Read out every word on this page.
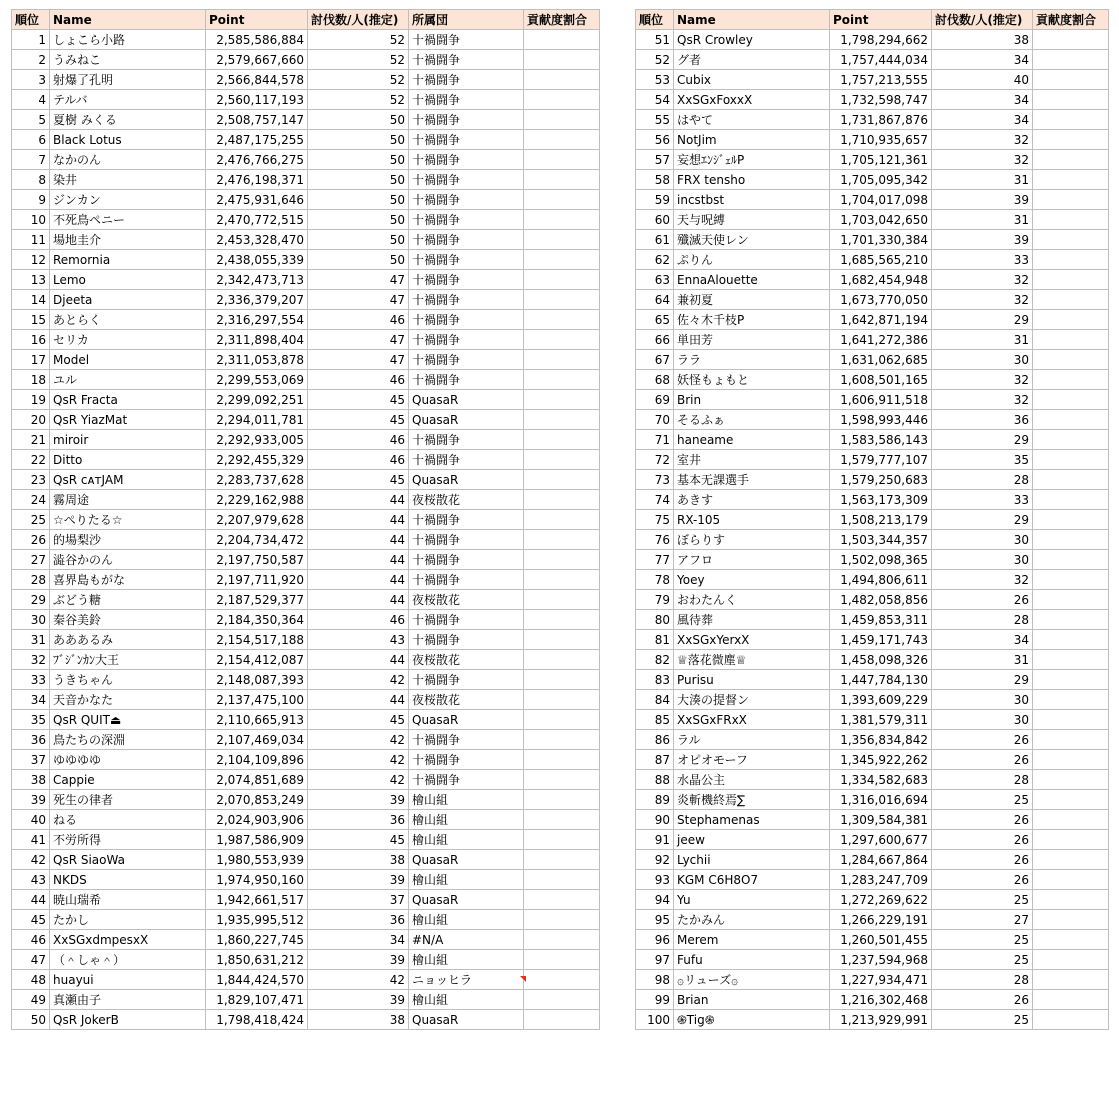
順位	Name	Point	討伐数/人(推定)	所属団	貢献度割合
1	しょこら小路	2,585,586,884	52	十禍闘争	
2	うみねこ	2,579,667,660	52	十禍闘争	
3	射爆了孔明	2,566,844,578	52	十禍闘争	
4	テルバ	2,560,117,193	52	十禍闘争	
5	夏樹 みくる	2,508,757,147	50	十禍闘争	
6	Black Lotus	2,487,175,255	50	十禍闘争	
7	なかのん	2,476,766,275	50	十禍闘争	
8	染井	2,476,198,371	50	十禍闘争	
9	ジンカン	2,475,931,646	50	十禍闘争	
10	不死鳥ペニー	2,470,772,515	50	十禍闘争	
11	場地圭介	2,453,328,470	50	十禍闘争	
12	Remornia	2,438,055,339	50	十禍闘争	
13	Lemo	2,342,473,713	47	十禍闘争	
14	Djeeta	2,336,379,207	47	十禍闘争	
15	あとらく	2,316,297,554	46	十禍闘争	
16	セリカ	2,311,898,404	47	十禍闘争	
17	Model	2,311,053,878	47	十禍闘争	
18	ユル	2,299,553,069	46	十禍闘争	
19	QsR Fracta	2,299,092,251	45	QuasaR	
20	QsR YiazMat	2,294,011,781	45	QuasaR	
21	miroir	2,292,933,005	46	十禍闘争	
22	Ditto	2,292,455,329	46	十禍闘争	
23	QsR ᴄᴀᴛJAM	2,283,737,628	45	QuasaR	
24	霧周途	2,229,162,988	44	夜桜散花	
25	☆ぺりたる☆	2,207,979,628	44	十禍闘争	
26	的場梨沙	2,204,734,472	44	十禍闘争	
27	澁谷かのん	2,197,750,587	44	十禍闘争	
28	喜界島もがな	2,197,711,920	44	十禍闘争	
29	ぶどう糖	2,187,529,377	44	夜桜散花	
30	秦谷美鈴	2,184,350,364	46	十禍闘争	
31	あああるみ	2,154,517,188	43	十禍闘争	
32	ﾌﾞｼﾞﾝｶﾝ大王	2,154,412,087	44	夜桜散花	
33	うきちゃん	2,148,087,393	42	十禍闘争	
34	天音かなた	2,137,475,100	44	夜桜散花	
35	QsR QUIT⏏	2,110,665,913	45	QuasaR	
36	鳥たちの深淵	2,107,469,034	42	十禍闘争	
37	ゆゆゆゆ	2,104,109,896	42	十禍闘争	
38	Cappie	2,074,851,689	42	十禍闘争	
39	死生の律者	2,070,853,249	39	檜山組	
40	ねる	2,024,903,906	36	檜山組	
41	不労所得	1,987,586,909	45	檜山組	
42	QsR SiaoWa	1,980,553,939	38	QuasaR	
43	NKDS	1,974,950,160	39	檜山組	
44	暁山瑞希	1,942,661,517	37	QuasaR	
45	たかし	1,935,995,512	36	檜山組	
46	XxSGxdmpesxX	1,860,227,745	34	#N/A	
47	（＾しゃ＾）	1,850,631,212	39	檜山組	
48	huayui	1,844,424,570	42	ニョッヒラ	
49	真瀬由子	1,829,107,471	39	檜山組	
50	QsR JokerB	1,798,418,424	38	QuasaR	
順位	Name	Point	討伐数/人(推定)	貢献度割合
51	QsR Crowley	1,798,294,662	38	
52	グ者	1,757,444,034	34	
53	Cubix	1,757,213,555	40	
54	XxSGxFoxxX	1,732,598,747	34	
55	はやて	1,731,867,876	34	
56	NotJim	1,710,935,657	32	
57	妄想ｴﾝｼﾞｪﾙP	1,705,121,361	32	
58	FRX tensho	1,705,095,342	31	
59	incstbst	1,704,017,098	39	
60	天与呪縛	1,703,042,650	31	
61	殲滅天使レン	1,701,330,384	39	
62	ぷりん	1,685,565,210	33	
63	EnnaAlouette	1,682,454,948	32	
64	兼初夏	1,673,770,050	32	
65	佐々木千枝P	1,642,871,194	29	
66	単田芳	1,641,272,386	31	
67	ララ	1,631,062,685	30	
68	妖怪もょもと	1,608,501,165	32	
69	Brin	1,606,911,518	32	
70	そるふぁ	1,598,993,446	36	
71	haneame	1,583,586,143	29	
72	室井	1,579,777,107	35	
73	基本无課選手	1,579,250,683	28	
74	あきす	1,563,173,309	33	
75	RX-105	1,508,213,179	29	
76	ぼらりす	1,503,344,357	30	
77	アフロ	1,502,098,365	30	
78	Yoey	1,494,806,611	32	
79	おわたんく	1,482,058,856	26	
80	風待葬	1,459,853,311	28	
81	XxSGxYerxX	1,459,171,743	34	
82	♕落花微塵♕	1,458,098,326	31	
83	Purisu	1,447,784,130	29	
84	大湊の提督ン	1,393,609,229	30	
85	XxSGxFRxX	1,381,579,311	30	
86	ラル	1,356,834,842	26	
87	オピオモーフ	1,345,922,262	26	
88	水晶公主	1,334,582,683	28	
89	炎斬機終焉∑	1,316,016,694	25	
90	Stephamenas	1,309,584,381	26	
91	jeew	1,297,600,677	26	
92	Lychii	1,284,667,864	26	
93	KGM C6H8O7	1,283,247,709	26	
94	Yu	1,272,269,622	25	
95	たかみん	1,266,229,191	27	
96	Merem	1,260,501,455	25	
97	Fufu	1,237,594,968	25	
98	۞リューズ۞	1,227,934,471	28	
99	Brian	1,216,302,468	26	
100	֍Tig֍	1,213,929,991	25	
